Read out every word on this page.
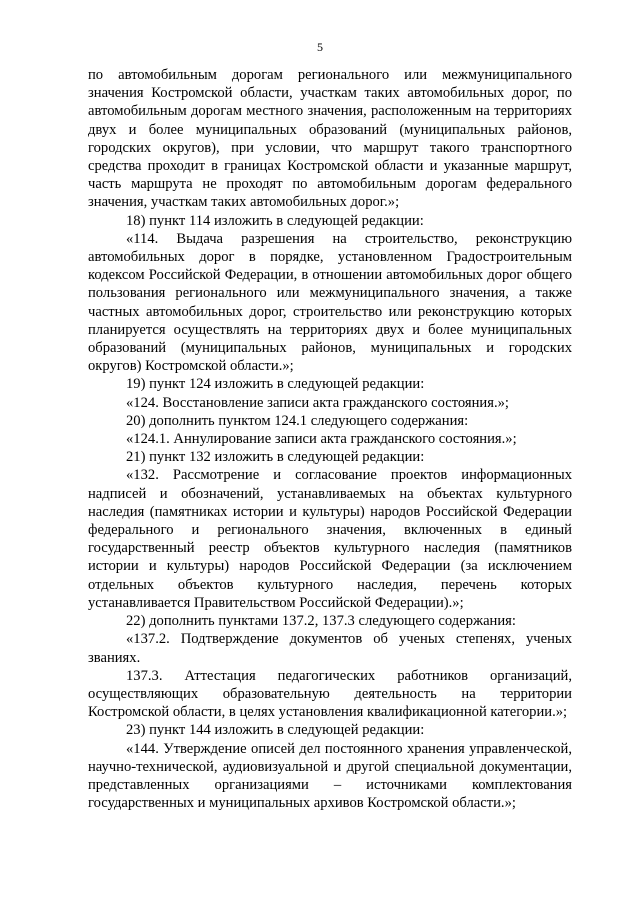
5

по автомобильным дорогам регионального или межмуниципального значения Костромской области, участкам таких автомобильных дорог, по автомобильным дорогам местного значения, расположенным на территориях двух и более муниципальных образований (муниципальных районов, городских округов), при условии, что маршрут такого транспортного средства проходит в границах Костромской области и указанные маршрут, часть маршрута не проходят по автомобильным дорогам федерального значения, участкам таких автомобильных дорог.»;

18) пункт 114 изложить в следующей редакции:

«114. Выдача разрешения на строительство, реконструкцию автомобильных дорог в порядке, установленном Градостроительным кодексом Российской Федерации, в отношении автомобильных дорог общего пользования регионального или межмуниципального значения, а также частных автомобильных дорог, строительство или реконструкцию которых планируется осуществлять на территориях двух и более муниципальных образований (муниципальных районов, муниципальных и городских округов) Костромской области.»;

19) пункт 124 изложить в следующей редакции:

«124. Восстановление записи акта гражданского состояния.»;

20) дополнить пунктом 124.1 следующего содержания:

«124.1. Аннулирование записи акта гражданского состояния.»;

21) пункт 132 изложить в следующей редакции:

«132. Рассмотрение и согласование проектов информационных надписей и обозначений, устанавливаемых на объектах культурного наследия (памятниках истории и культуры) народов Российской Федерации федерального и регионального значения, включенных в единый государственный реестр объектов культурного наследия (памятников истории и культуры) народов Российской Федерации (за исключением отдельных объектов культурного наследия, перечень которых устанавливается Правительством Российской Федерации).»;

22) дополнить пунктами 137.2, 137.3 следующего содержания:

«137.2. Подтверждение документов об ученых степенях, ученых званиях.

137.3. Аттестация педагогических работников организаций, осуществляющих образовательную деятельность на территории Костромской области, в целях установления квалификационной категории.»;

23) пункт 144 изложить в следующей редакции:

«144. Утверждение описей дел постоянного хранения управленческой, научно-технической, аудиовизуальной и другой специальной документации, представленных организациями – источниками комплектования государственных и муниципальных архивов Костромской области.»;
